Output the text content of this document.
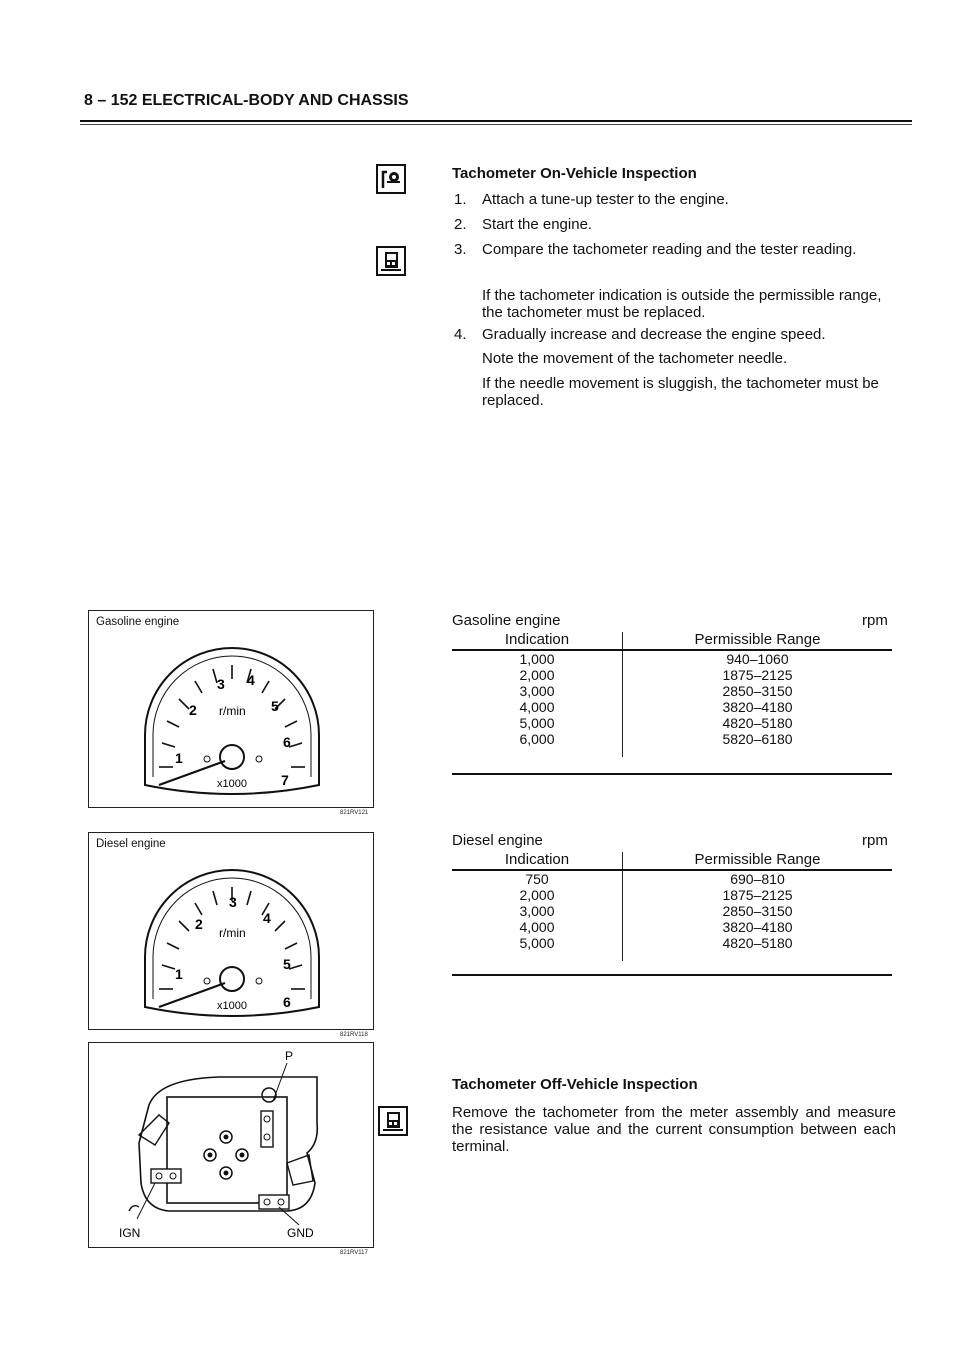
8 – 152 ELECTRICAL-BODY AND CHASSIS
Tachometer On-Vehicle Inspection
1. Attach a tune-up tester to the engine.
2. Start the engine.
3. Compare the tachometer reading and the tester reading.
If the tachometer indication is outside the permissible range, the tachometer must be replaced.
4. Gradually increase and decrease the engine speed.
Note the movement of the tachometer needle.
If the needle movement is sluggish, the tachometer must be replaced.
Gasoline engine
1
2
3 4
5
6
7
r/min
x1000
821RV121
Diesel engine
1
2
3
4
5
6
r/min
x1000
821RV118
P
IGN	GND
821RV117
Gasoline engine	rpm
Indication	Permissible Range
1,000	940–1060
2,000	1875–2125
3,000	2850–3150
4,000	3820–4180
5,000	4820–5180
6,000	5820–6180
Diesel engine	rpm
Indication	Permissible Range
750	690–810
2,000	1875–2125
3,000	2850–3150
4,000	3820–4180
5,000	4820–5180
Tachometer Off-Vehicle Inspection
Remove the tachometer from the meter assembly and measure the resistance value and the current consumption between each terminal.
